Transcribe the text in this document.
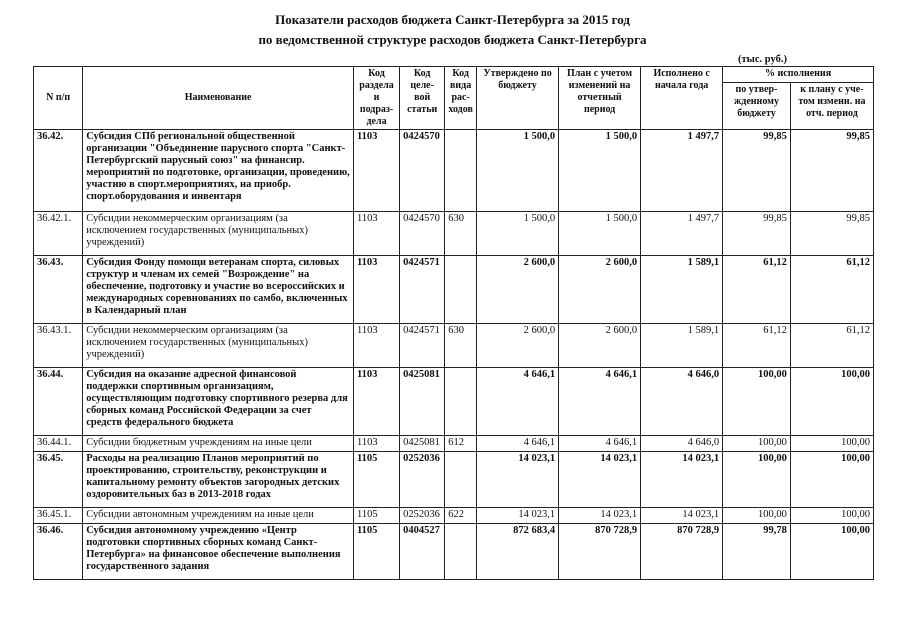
Показатели расходов бюджета Санкт-Петербурга за 2015 год
по ведомственной структуре расходов бюджета Санкт-Петербурга
(тыс. руб.)
N п/п	Наименование	Код раздела и подраз-дела	Код целе-вой статьи	Код вида рас-ходов	Утверждено по бюджету	План с учетом изменений на отчетный период	Исполнено с начала года	% исполнения	
								по утвер-жденному бюджету	к плану с уче-том измени. на отч. период
36.42.	Субсидия СПб региональной общественной организации "Объединение парусного спорта "Санкт-Петербургский парусный союз" на финансир. мероприятий по подготовке, организации, проведению, участию в спорт.мероприятиях, на приобр. спорт.оборудования и инвентаря	1103	0424570		1 500,0	1 500,0	1 497,7	99,85	99,85
36.42.1.	Субсидии некоммерческим организациям (за исключением государственных (муниципальных) учреждений)	1103	0424570	630	1 500,0	1 500,0	1 497,7	99,85	99,85
36.43.	Субсидия Фонду помощи ветеранам спорта, силовых структур и членам их семей "Возрождение" на обеспечение, подготовку и участие во всероссийских и международных соревнованиях по самбо, включенных в Календарный план	1103	0424571		2 600,0	2 600,0	1 589,1	61,12	61,12
36.43.1.	Субсидии некоммерческим организациям (за исключением государственных (муниципальных) учреждений)	1103	0424571	630	2 600,0	2 600,0	1 589,1	61,12	61,12
36.44.	Субсидия на оказание адресной финансовой поддержки спортивным организациям, осуществляющим подготовку спортивного резерва для сборных команд Российской Федерации за счет средств федерального бюджета	1103	0425081		4 646,1	4 646,1	4 646,0	100,00	100,00
36.44.1.	Субсидии бюджетным учреждениям на иные цели	1103	0425081	612	4 646,1	4 646,1	4 646,0	100,00	100,00
36.45.	Расходы на реализацию Планов мероприятий по проектированию, строительству, реконструкции и капитальному ремонту объектов загородных детских оздоровительных баз в 2013-2018 годах	1105	0252036		14 023,1	14 023,1	14 023,1	100,00	100,00
36.45.1.	Субсидии автономным учреждениям на иные цели	1105	0252036	622	14 023,1	14 023,1	14 023,1	100,00	100,00
36.46.	Субсидия автономному учреждению «Центр подготовки спортивных сборных команд Санкт-Петербурга» на финансовое обеспечение выполнения государственного задания	1105	0404527		872 683,4	870 728,9	870 728,9	99,78	100,00
